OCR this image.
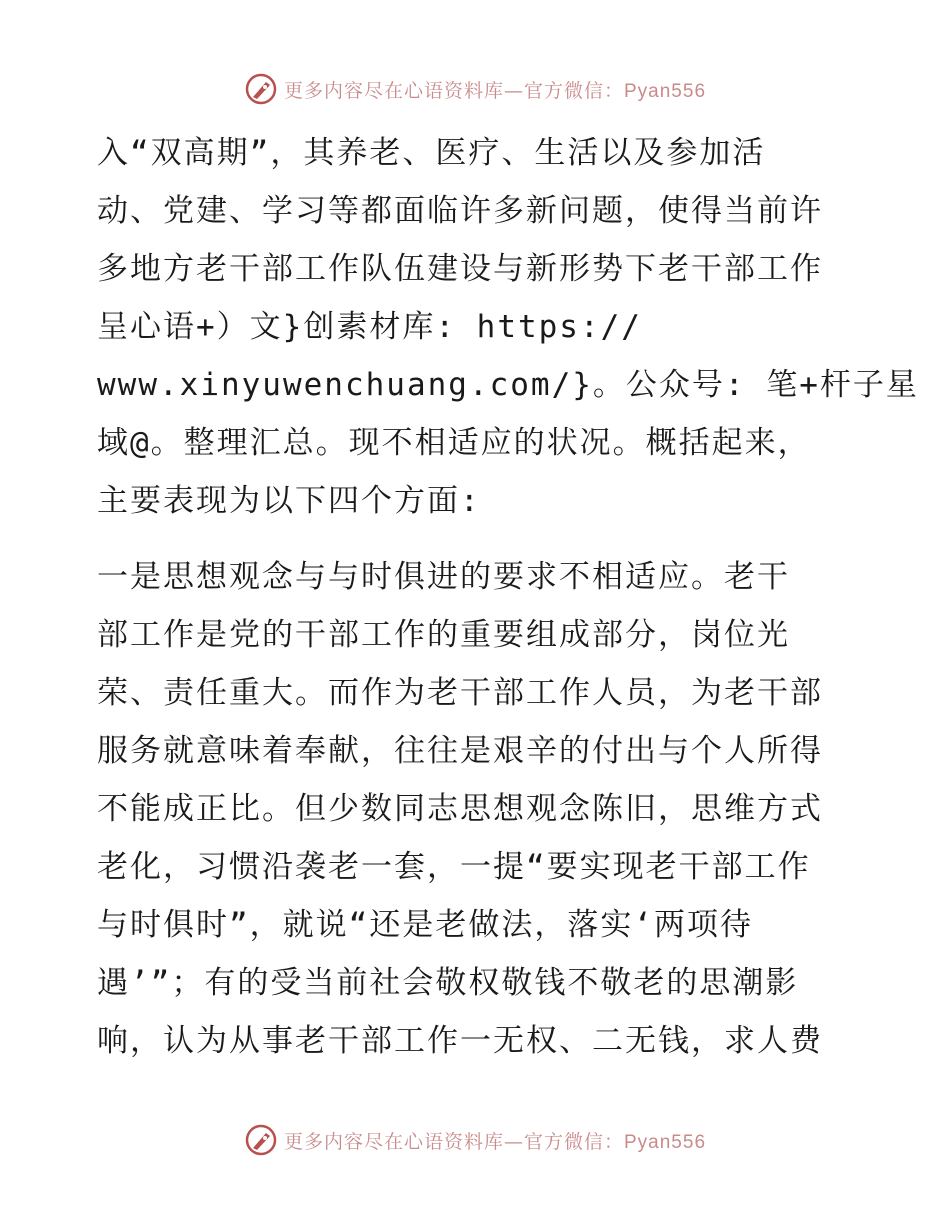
更多内容尽在心语资料库—官方微信：Pyan556
入“双高期”，其养老、医疗、生活以及参加活
动、党建、学习等都面临许多新问题，使得当前许
多地方老干部工作队伍建设与新形势下老干部工作
呈心语+）文}创素材库: https://
www.xinyuwenchuang.com/}。公众号: 笔+杆子星
域@。整理汇总。现不相适应的状况。概括起来，
主要表现为以下四个方面:
一是思想观念与与时俱进的要求不相适应。老干
部工作是党的干部工作的重要组成部分，岗位光
荣、责任重大。而作为老干部工作人员，为老干部
服务就意味着奉献，往往是艰辛的付出与个人所得
不能成正比。但少数同志思想观念陈旧，思维方式
老化，习惯沿袭老一套，一提“要实现老干部工作
与时俱时”，就说“还是老做法，落实‘两项待
遇’”；有的受当前社会敬权敬钱不敬老的思潮影
响，认为从事老干部工作一无权、二无钱，求人费
更多内容尽在心语资料库—官方微信：Pyan556
